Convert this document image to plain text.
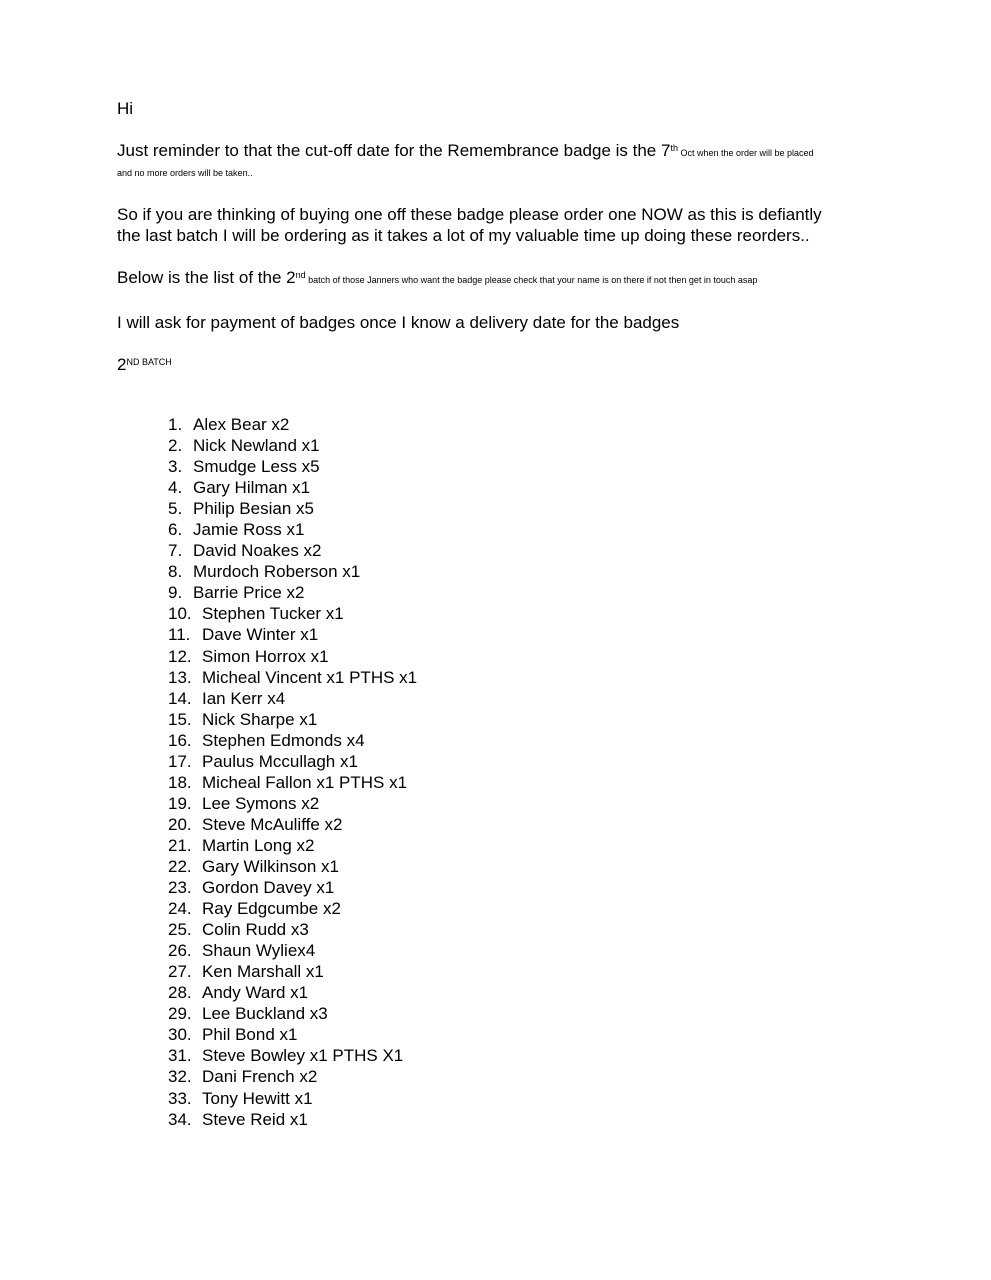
Hi
Just reminder to that the cut-off date for the Remembrance badge is the 7th Oct when the order will be placed
and no more orders will be taken..
So if you are thinking of buying one off these badge please order one NOW as this is defiantly
the last batch I will be ordering as it takes a lot of my valuable time up doing these reorders..
Below is the list of the 2nd batch of those Janners who want the badge please check that your name is on there if not then get in touch asap
I will ask for payment of badges once I know a delivery date for the badges
$2^{ND BATCH}$
1. Alex Bear x2
2. Nick Newland x1
3. Smudge Less x5
4. Gary Hilman x1
5. Philip Besian x5
6. Jamie Ross x1
7. David Noakes x2
8. Murdoch Roberson x1
9. Barrie Price x2
10. Stephen Tucker x1
11. Dave Winter x1
12. Simon Horrox x1
13. Micheal Vincent x1 PTHS x1
14. Ian Kerr x4
15. Nick Sharpe x1
16. Stephen Edmonds x4
17. Paulus Mccullagh x1
18. Micheal Fallon x1 PTHS x1
19. Lee Symons x2
20. Steve McAuliffe x2
21. Martin Long x2
22. Gary Wilkinson x1
23. Gordon Davey x1
24. Ray Edgcumbe x2
25. Colin Rudd x3
26. Shaun Wyliex4
27. Ken Marshall x1
28. Andy Ward x1
29. Lee Buckland x3
30. Phil Bond x1
31. Steve Bowley x1 PTHS X1
32. Dani French x2
33. Tony Hewitt x1
34. Steve Reid x1
